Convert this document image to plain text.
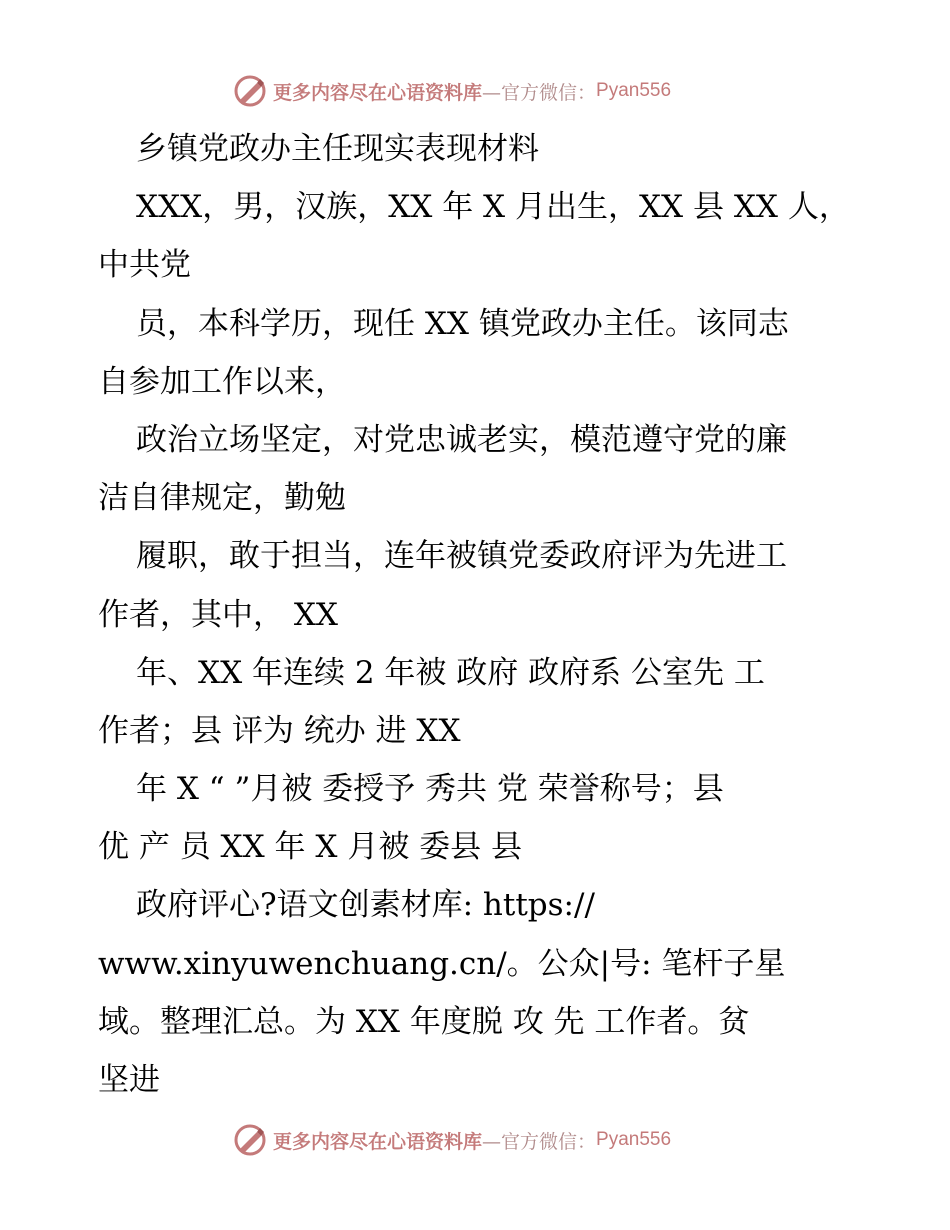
更多内容尽在心语资料库 —官方微信： Pyan556
乡镇党政办主任现实表现材料
XXX，男，汉族，XX 年 X 月出生，XX 县 XX 人，
中共党
员，本科学历，现任 XX 镇党政办主任。该同志
自参加工作以来，
政治立场坚定，对党忠诚老实，模范遵守党的廉
洁自律规定，勤勉
履职，敢于担当，连年被镇党委政府评为先进工
作者，其中， XX
年、XX 年连续 2 年被 政府 政府系 公室先 工
作者；县 评为 统办 进 XX
年 X “ ”月被 委授予 秀共 党 荣誉称号；县
优 产 员 XX 年 X 月被 委县 县
政府评心?语文创素材库: https://
www.xinyuwenchuang.cn/。公众|号: 笔杆子星
域。整理汇总。为 XX 年度脱 攻 先 工作者。贫
坚进
更多内容尽在心语资料库 —官方微信： Pyan556
